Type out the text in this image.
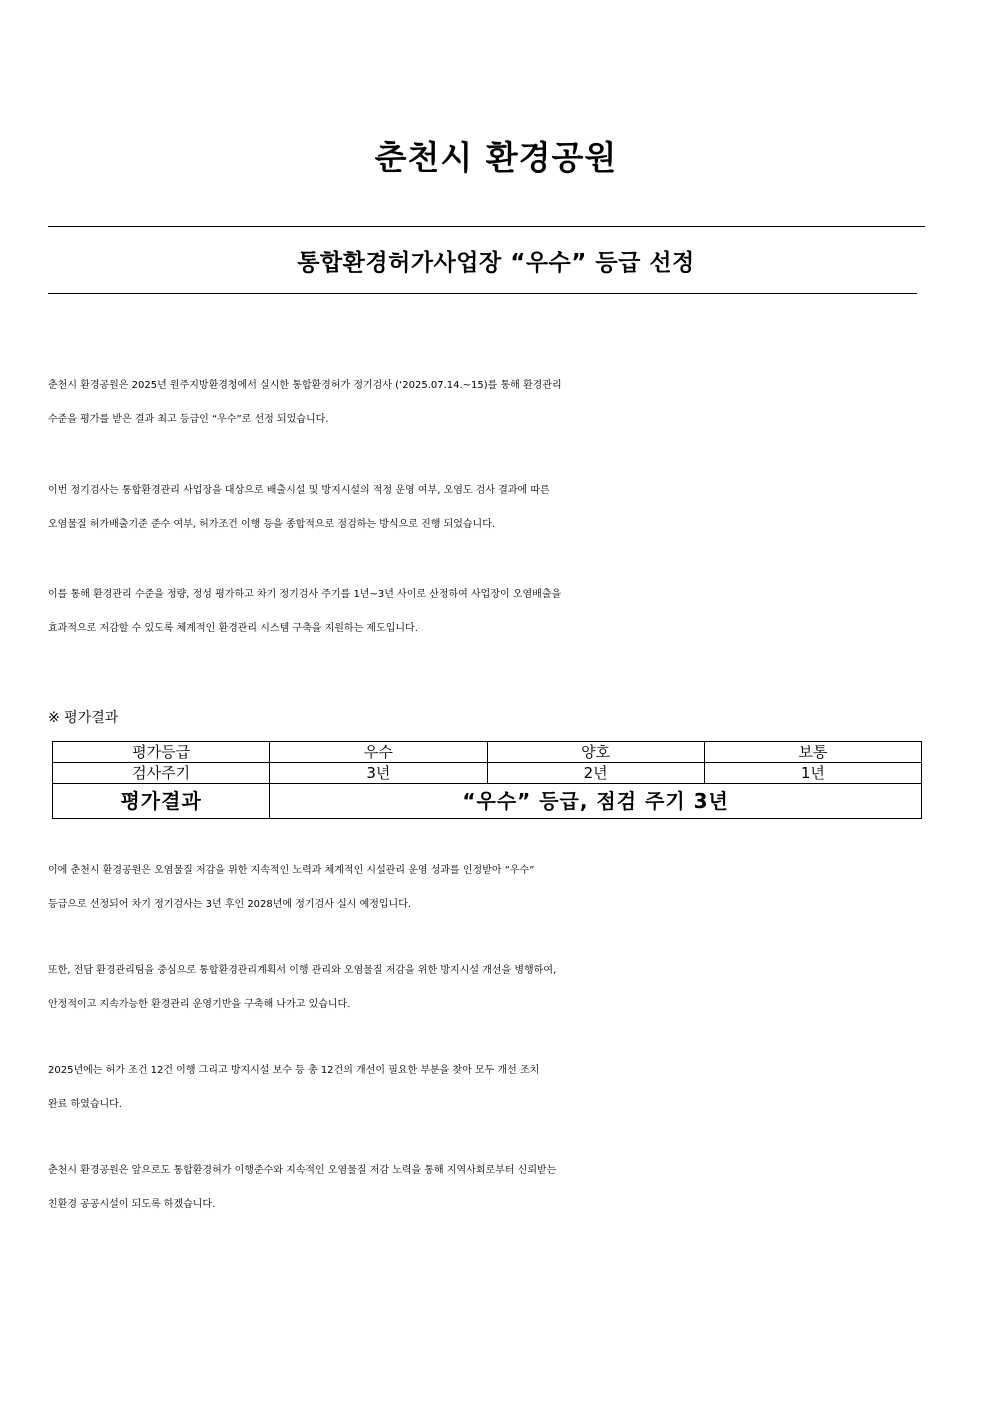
춘천시 환경공원
통합환경허가사업장 “우수” 등급 선정
춘천시 환경공원은 2025년 원주지방환경청에서 실시한 통합환경허가 정기검사 (‘2025.07.14.~15)를 통해 환경관리
수준을 평가를 받은 결과 최고 등급인 “우수”로 선정 되었습니다.
이번 정기검사는 통합환경관리 사업장을 대상으로 배출시설 및 방지시설의 적정 운영 여부, 오염도 검사 결과에 따른
오염물질 허가배출기준 준수 여부, 허가조건 이행 등을 종합적으로 점검하는 방식으로 진행 되었습니다.
이를 통해 환경관리 수준을 정량, 정성 평가하고 차기 정기검사 주기를 1년~3년 사이로 산정하여 사업장이 오염배출을
효과적으로 저감할 수 있도록 체계적인 환경관리 시스템 구축을 지원하는 제도입니다.
※ 평가결과
평가등급	우수	양호	보통
검사주기	3년	2년	1년
평가결과	“우수” 등급, 점검 주기 3년		
이에 춘천시 환경공원은 오염물질 저감을 위한 지속적인 노력과 체계적인 시설관리 운영 성과를 인정받아 “우수”
등급으로 선정되어 차기 정기검사는 3년 후인 2028년에 정기검사 실시 예정입니다.
또한, 전담 환경관리팀을 중심으로 통합환경관리계획서 이행 관리와 오염물질 저감을 위한 방지시설 개선을 병행하여,
안정적이고 지속가능한 환경관리 운영기반을 구축해 나가고 있습니다.
2025년에는 허가 조건 12건 이행 그리고 방지시설 보수 등 총 12건의 개선이 필요한 부분을 찾아 모두 개선 조치
완료 하였습니다.
춘천시 환경공원은 앞으로도 통합환경허가 이행준수와 지속적인 오염물질 저감 노력을 통해 지역사회로부터 신뢰받는
친환경 공공시설이 되도록 하겠습니다.
